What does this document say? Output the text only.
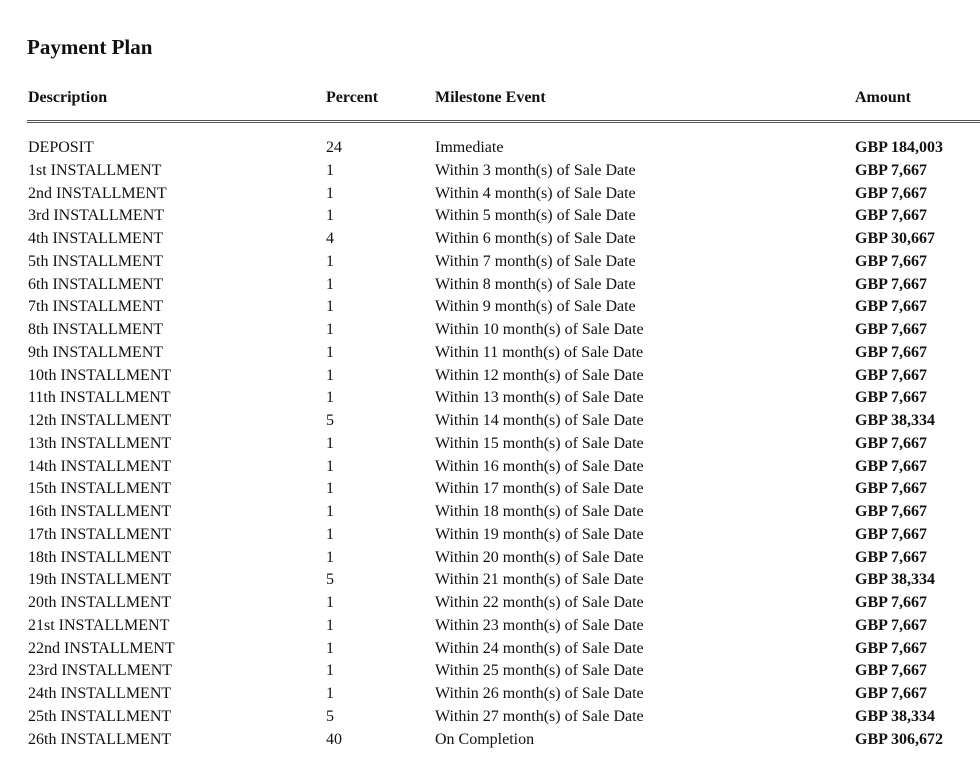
Payment Plan
Description	Percent	Milestone Event	Amount
DEPOSIT	24	Immediate	GBP 184,003
1st INSTALLMENT	1	Within 3 month(s) of Sale Date	GBP 7,667
2nd INSTALLMENT	1	Within 4 month(s) of Sale Date	GBP 7,667
3rd INSTALLMENT	1	Within 5 month(s) of Sale Date	GBP 7,667
4th INSTALLMENT	4	Within 6 month(s) of Sale Date	GBP 30,667
5th INSTALLMENT	1	Within 7 month(s) of Sale Date	GBP 7,667
6th INSTALLMENT	1	Within 8 month(s) of Sale Date	GBP 7,667
7th INSTALLMENT	1	Within 9 month(s) of Sale Date	GBP 7,667
8th INSTALLMENT	1	Within 10 month(s) of Sale Date	GBP 7,667
9th INSTALLMENT	1	Within 11 month(s) of Sale Date	GBP 7,667
10th INSTALLMENT	1	Within 12 month(s) of Sale Date	GBP 7,667
11th INSTALLMENT	1	Within 13 month(s) of Sale Date	GBP 7,667
12th INSTALLMENT	5	Within 14 month(s) of Sale Date	GBP 38,334
13th INSTALLMENT	1	Within 15 month(s) of Sale Date	GBP 7,667
14th INSTALLMENT	1	Within 16 month(s) of Sale Date	GBP 7,667
15th INSTALLMENT	1	Within 17 month(s) of Sale Date	GBP 7,667
16th INSTALLMENT	1	Within 18 month(s) of Sale Date	GBP 7,667
17th INSTALLMENT	1	Within 19 month(s) of Sale Date	GBP 7,667
18th INSTALLMENT	1	Within 20 month(s) of Sale Date	GBP 7,667
19th INSTALLMENT	5	Within 21 month(s) of Sale Date	GBP 38,334
20th INSTALLMENT	1	Within 22 month(s) of Sale Date	GBP 7,667
21st INSTALLMENT	1	Within 23 month(s) of Sale Date	GBP 7,667
22nd INSTALLMENT	1	Within 24 month(s) of Sale Date	GBP 7,667
23rd INSTALLMENT	1	Within 25 month(s) of Sale Date	GBP 7,667
24th INSTALLMENT	1	Within 26 month(s) of Sale Date	GBP 7,667
25th INSTALLMENT	5	Within 27 month(s) of Sale Date	GBP 38,334
26th INSTALLMENT	40	On Completion	GBP 306,672
